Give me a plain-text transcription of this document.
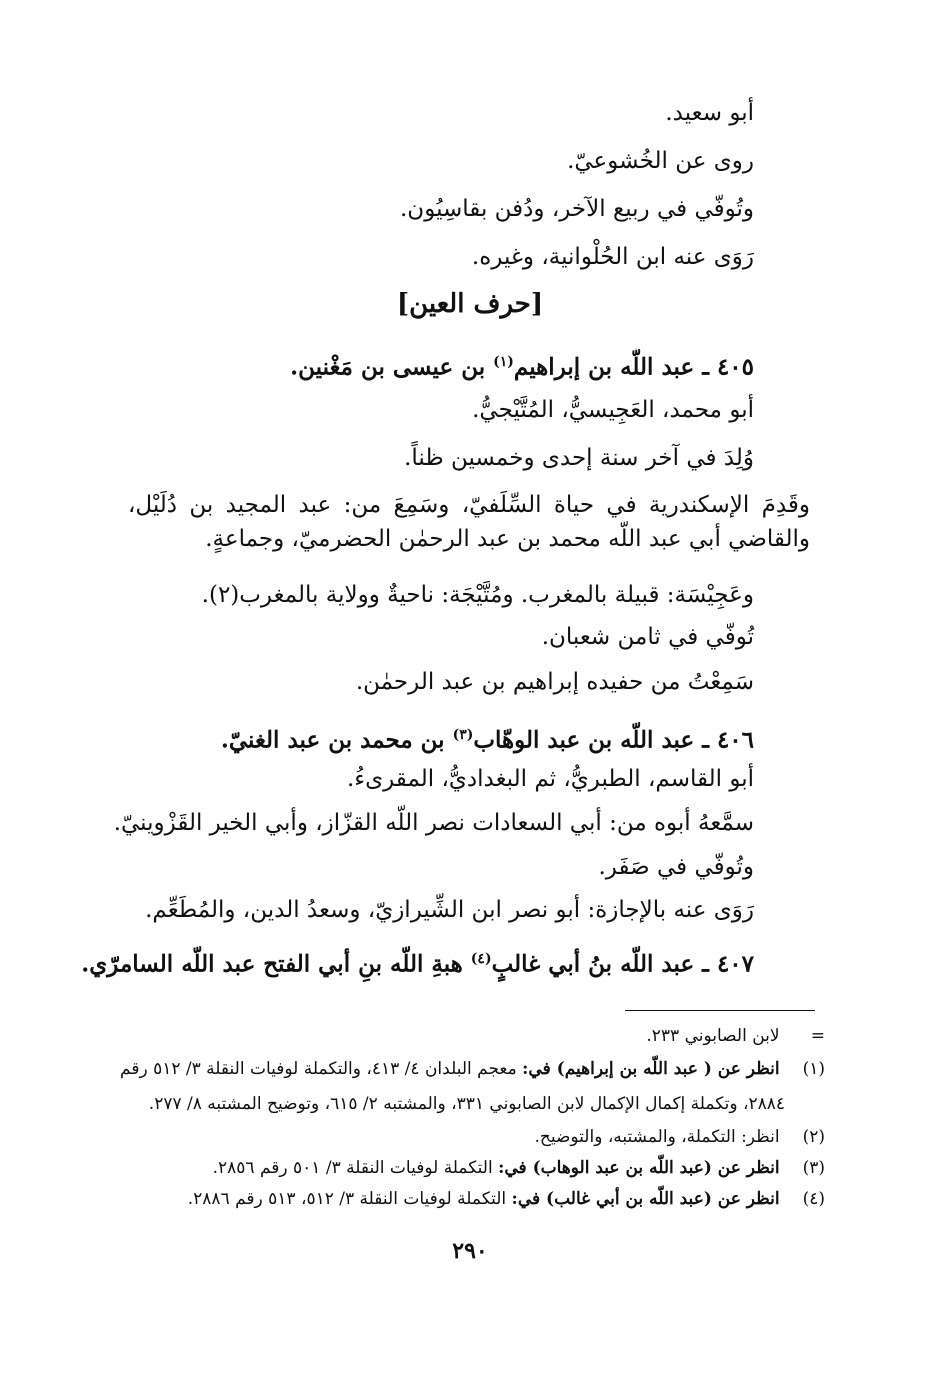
أبو سعيد.
روى عن الخُشوعيّ.
وتُوفّي في ربيع الآخر، ودُفن بقاسِيُون.
رَوَى عنه ابن الحُلْوانية، وغيره.
[حرف العين]
٤٠٥ ـ عبد اللّه بن إبراهيم$^{(١)}$ بن عيسى بن مَغْنين.
أبو محمد، العَجِيسيُّ، المُتَّيْجيُّ.
وُلِدَ في آخر سنة إحدى وخمسين ظناً.
وقَدِمَ الإسكندرية في حياة السِّلَفيّ، وسَمِعَ من: عبد المجيد بن دُلَيْل،
والقاضي أبي عبد اللّه محمد بن عبد الرحمٰن الحضرميّ، وجماعةٍ.
وعَجِيْسَة: قبيلة بالمغرب. ومُتَّيْجَة: ناحيةٌ وولاية بالمغرب(٢).
تُوفّي في ثامن شعبان.
سَمِعْتُ من حفيده إبراهيم بن عبد الرحمٰن.
٤٠٦ ـ عبد اللّه بن عبد الوهّاب$^{(٣)}$ بن محمد بن عبد الغنيّ.
أبو القاسم، الطبريُّ، ثم البغداديُّ، المقرىءُ.
سمَّعهُ أبوه من: أبي السعادات نصر اللّه القزّاز، وأبي الخير القَزْوينيّ.
وتُوفّي في صَفَر.
رَوَى عنه بالإجازة: أبو نصر ابن الشِّيرازيّ، وسعدُ الدين، والمُطَعِّم.
٤٠٧ ـ عبد اللّه بنُ أبي غالبٍ$^{(٤)}$ هبةِ اللّه بنِ أبي الفتح عبد اللّه السامرّي.
= لابن الصابوني ٢٣٣.
(١) انظر عن ( عبد اللّه بن إبراهيم) في: معجم البلدان ٤/ ٤١٣، والتكملة لوفيات النقلة ٣/ ٥١٢ رقم
٢٨٨٤، وتكملة إكمال الإكمال لابن الصابوني ٣٣١، والمشتبه ٢/ ٦١٥، وتوضيح المشتبه ٨/ ٢٧٧.
(٢) انظر: التكملة، والمشتبه، والتوضيح.
(٣) انظر عن (عبد اللّه بن عبد الوهاب) في: التكملة لوفيات النقلة ٣/ ٥٠١ رقم ٢٨٥٦.
(٤) انظر عن (عبد اللّه بن أبي غالب) في: التكملة لوفيات النقلة ٣/ ٥١٢، ٥١٣ رقم ٢٨٨٦.
٢٩٠
